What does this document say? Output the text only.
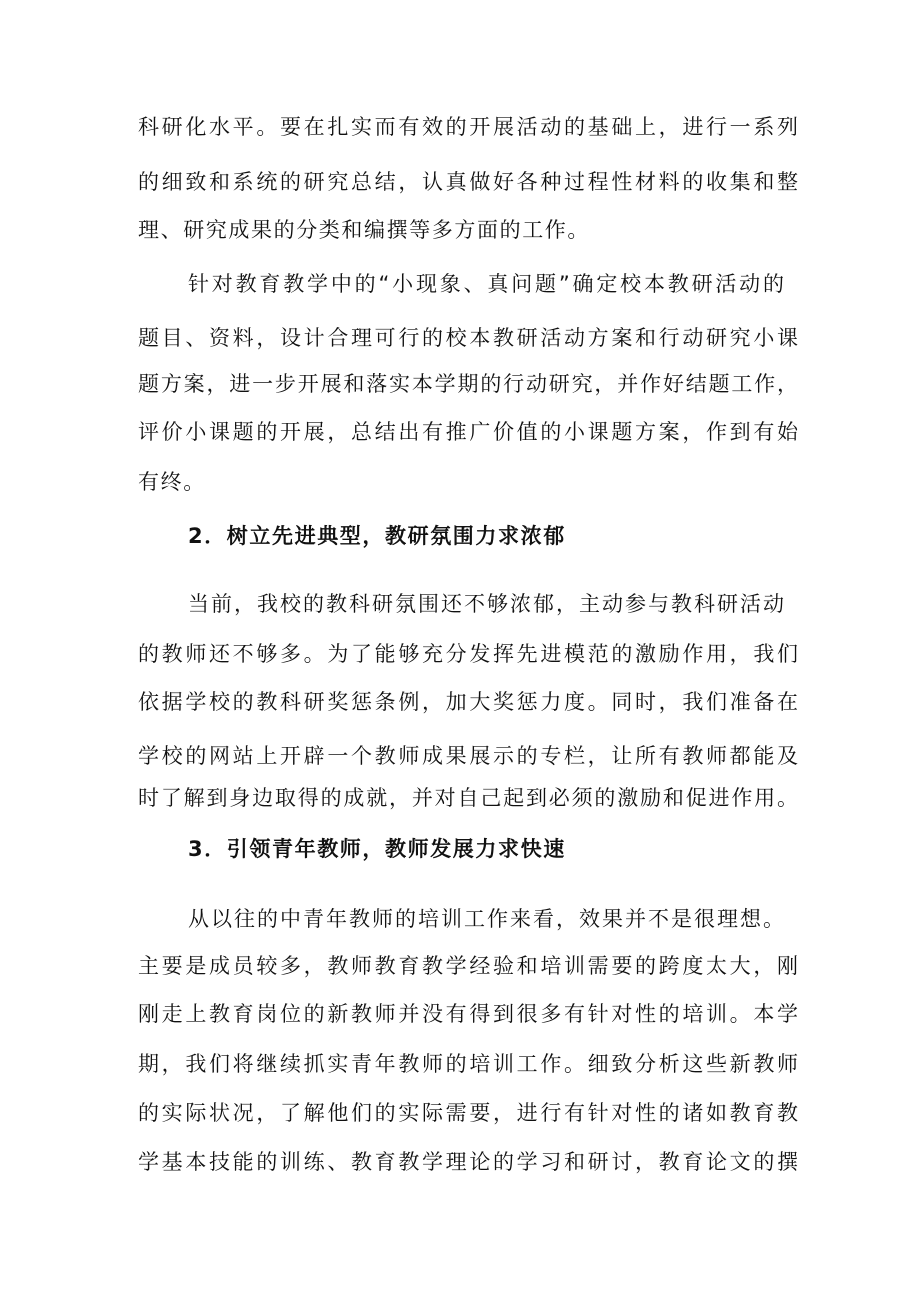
科研化水平。要在扎实而有效的开展活动的基础上，进行一系列
的细致和系统的研究总结，认真做好各种过程性材料的收集和整
理、研究成果的分类和编撰等多方面的工作。
针对教育教学中的“小现象、真问题”确定校本教研活动的
题目、资料，设计合理可行的校本教研活动方案和行动研究小课
题方案，进一步开展和落实本学期的行动研究，并作好结题工作，
评价小课题的开展，总结出有推广价值的小课题方案，作到有始
有终。
2．树立先进典型，教研氛围力求浓郁
当前，我校的教科研氛围还不够浓郁，主动参与教科研活动
的教师还不够多。为了能够充分发挥先进模范的激励作用，我们
依据学校的教科研奖惩条例，加大奖惩力度。同时，我们准备在
学校的网站上开辟一个教师成果展示的专栏，让所有教师都能及
时了解到身边取得的成就，并对自己起到必须的激励和促进作用。
3．引领青年教师，教师发展力求快速
从以往的中青年教师的培训工作来看，效果并不是很理想。
主要是成员较多，教师教育教学经验和培训需要的跨度太大，刚
刚走上教育岗位的新教师并没有得到很多有针对性的培训。本学
期，我们将继续抓实青年教师的培训工作。细致分析这些新教师
的实际状况，了解他们的实际需要，进行有针对性的诸如教育教
学基本技能的训练、教育教学理论的学习和研讨，教育论文的撰
